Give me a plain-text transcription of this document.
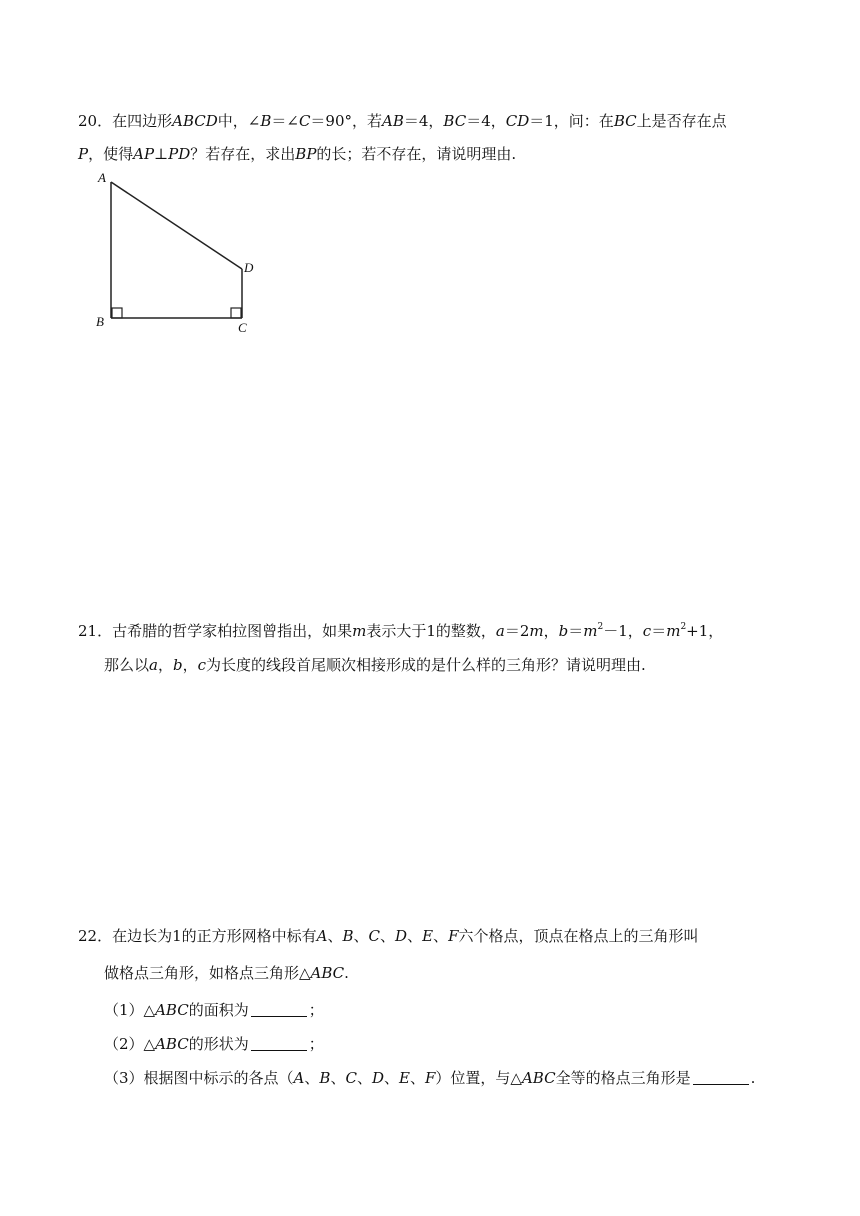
20．在四边形ABCD中，∠B＝∠C＝90°，若AB＝4，BC＝4，CD＝1，问：在BC上是否存在点
P，使得AP⊥PD？若存在，求出BP的长；若不存在，请说明理由.
A
B	C
D
21．古希腊的哲学家柏拉图曾指出，如果m表示大于1的整数，a＝2m，$b=m^2-1$，$c=m^2+1$，
那么以a，b，c为长度的线段首尾顺次相接形成的是什么样的三角形？请说明理由.
22．在边长为1的正方形网格中标有A、B、C、D、E、F六个格点，顶点在格点上的三角形叫
做格点三角形，如格点三角形△ABC.
（1）△ABC的面积为	；
（2）△ABC的形状为	；
（3）根据图中标示的各点（A、B、C、D、E、F）位置，与△ABC全等的格点三角形是	.
